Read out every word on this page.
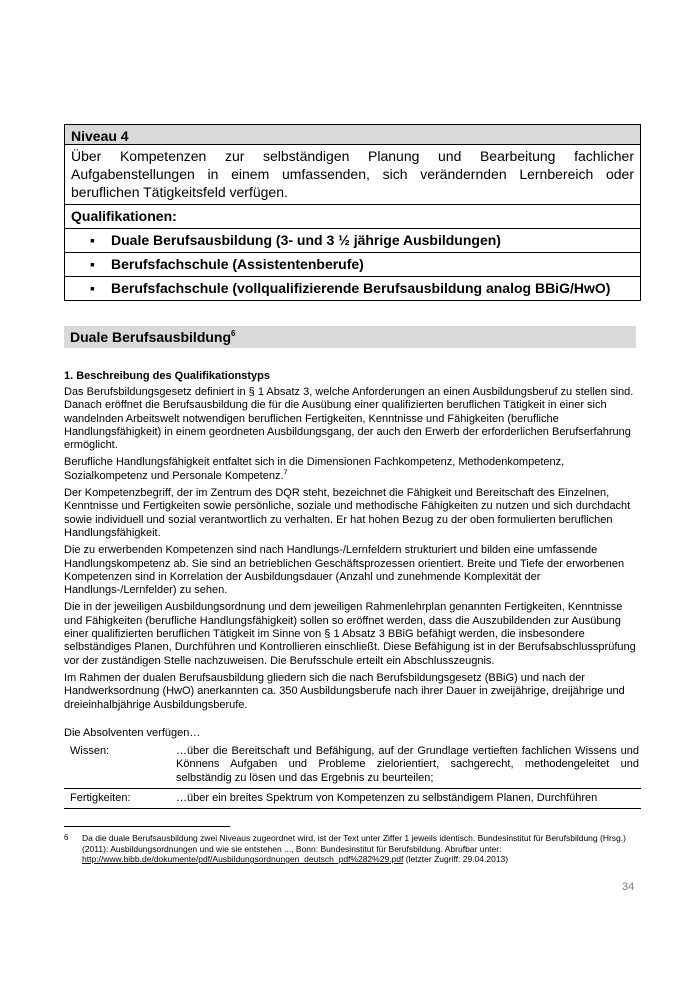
Niveau 4
Über Kompetenzen zur selbständigen Planung und Bearbeitung fachlicher Aufgabenstellungen in einem umfassenden, sich verändernden Lernbereich oder beruflichen Tätigkeitsfeld verfügen.
Qualifikationen:
▪	Duale Berufsausbildung (3- und 3 ½ jährige Ausbildungen)
▪	Berufsfachschule (Assistentenberufe)
▪	Berufsfachschule (vollqualifizierende Berufsausbildung analog BBiG/HwO)
Duale Berufsausbildung$^6$
1. Beschreibung des Qualifikationstyps

Das Berufsbildungsgesetz definiert in § 1 Absatz 3, welche Anforderungen an einen Ausbildungsberuf zu stellen sind. Danach eröffnet die Berufsausbildung die für die Ausübung einer qualifizierten beruflichen Tätigkeit in einer sich wandelnden Arbeitswelt notwendigen beruflichen Fertigkeiten, Kenntnisse und Fähigkeiten (berufliche Handlungsfähigkeit) in einem geordneten Ausbildungsgang, der auch den Erwerb der erforderlichen Berufserfahrung ermöglicht.

Berufliche Handlungsfähigkeit entfaltet sich in die Dimensionen Fachkompetenz, Methodenkompetenz, Sozialkompetenz und Personale Kompetenz.$^7$

Der Kompetenzbegriff, der im Zentrum des DQR steht, bezeichnet die Fähigkeit und Bereitschaft des Einzelnen, Kenntnisse und Fertigkeiten sowie persönliche, soziale und methodische Fähigkeiten zu nutzen und sich durchdacht sowie individuell und sozial verantwortlich zu verhalten. Er hat hohen Bezug zu der oben formulierten beruflichen Handlungsfähigkeit.

Die zu erwerbenden Kompetenzen sind nach Handlungs-/Lernfeldern strukturiert und bilden eine umfassende Handlungskompetenz ab. Sie sind an betrieblichen Geschäftsprozessen orientiert. Breite und Tiefe der erworbenen Kompetenzen sind in Korrelation der Ausbildungsdauer (Anzahl und zunehmende Komplexität der Handlungs-/Lernfelder) zu sehen.

Die in der jeweiligen Ausbildungsordnung und dem jeweiligen Rahmenlehrplan genannten Fertigkeiten, Kenntnisse und Fähigkeiten (berufliche Handlungsfähigkeit) sollen so eröffnet werden, dass die Auszubildenden zur Ausübung einer qualifizierten beruflichen Tätigkeit im Sinne von § 1 Absatz 3 BBiG befähigt werden, die insbesondere selbständiges Planen, Durchführen und Kontrollieren einschließt. Diese Befähigung ist in der Berufsabschlussprüfung vor der zuständigen Stelle nachzuweisen. Die Berufsschule erteilt ein Abschlusszeugnis.

Im Rahmen der dualen Berufsausbildung gliedern sich die nach Berufsbildungsgesetz (BBiG) und nach der Handwerksordnung (HwO) anerkannten ca. 350 Ausbildungsberufe nach ihrer Dauer in zweijährige, dreijährige und dreieinhalbjährige Ausbildungsberufe.

Die Absolventen verfügen…
Wissen:	…über die Bereitschaft und Befähigung, auf der Grundlage vertieften fachlichen Wissens und Könnens Aufgaben und Probleme zielorientiert, sachgerecht, methodengeleitet und selbständig zu lösen und das Ergebnis zu beurteilen;
Fertigkeiten:	…über ein breites Spektrum von Kompetenzen zu selbständigem Planen, Durchführen
6	Da die duale Berufsausbildung zwei Niveaus zugeordnet wird, ist der Text unter Ziffer 1 jeweils identisch. Bundesinstitut für Berufsbildung (Hrsg.) (2011): Ausbildungsordnungen und wie sie entstehen ..., Bonn: Bundesinstitut für Berufsbildung. Abrufbar unter:
http://www.bibb.de/dokumente/pdf/Ausbildungsordnungen_deutsch_pdf%282%29.pdf (letzter Zugriff: 29.04.2013)
34
